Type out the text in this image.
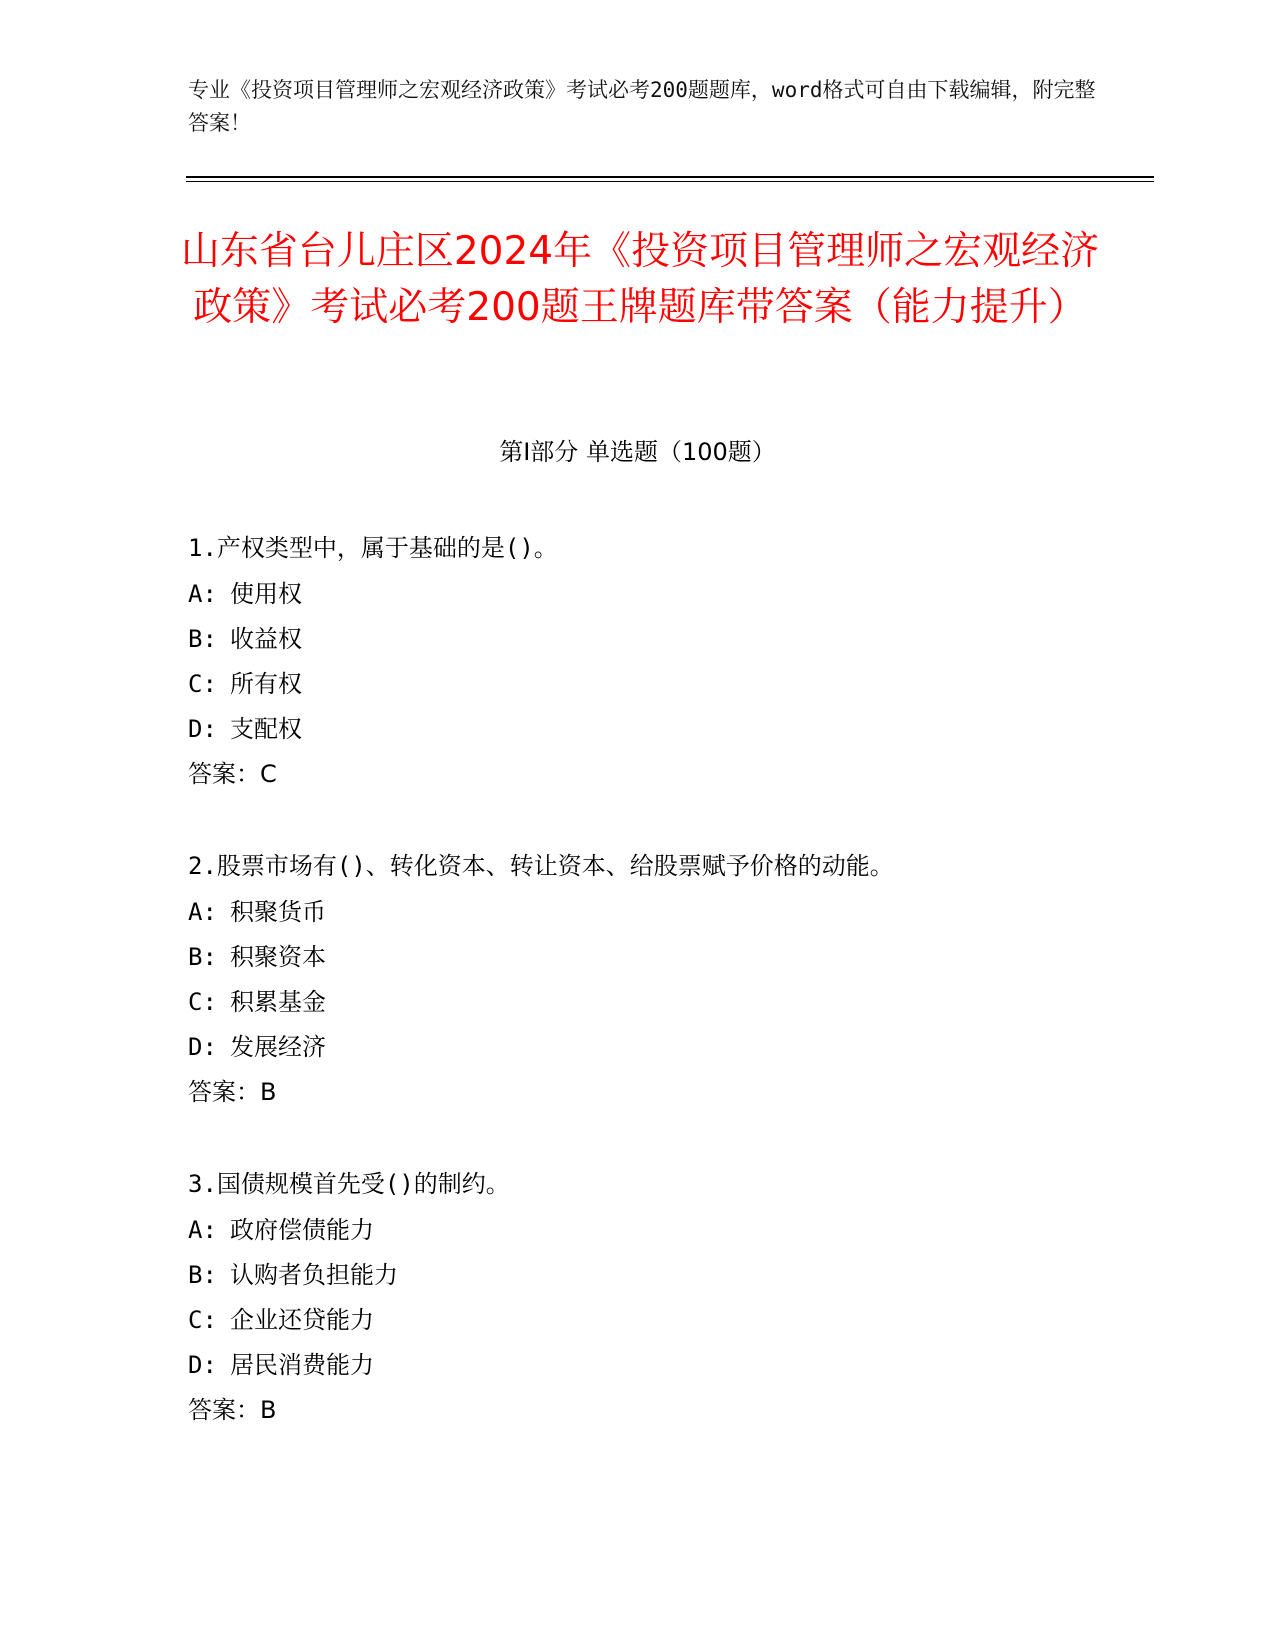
专业《投资项目管理师之宏观经济政策》考试必考200题题库，word格式可自由下载编辑，附完整答案！
山东省台儿庄区2024年《投资项目管理师之宏观经济政策》考试必考200题王牌题库带答案（能力提升）
第I部分 单选题（100题）
1.产权类型中，属于基础的是()。
A: 使用权
B: 收益权
C: 所有权
D: 支配权
答案：C
2.股票市场有()、转化资本、转让资本、给股票赋予价格的动能。
A: 积聚货币
B: 积聚资本
C: 积累基金
D: 发展经济
答案：B
3.国债规模首先受()的制约。
A: 政府偿债能力
B: 认购者负担能力
C: 企业还贷能力
D: 居民消费能力
答案：B
